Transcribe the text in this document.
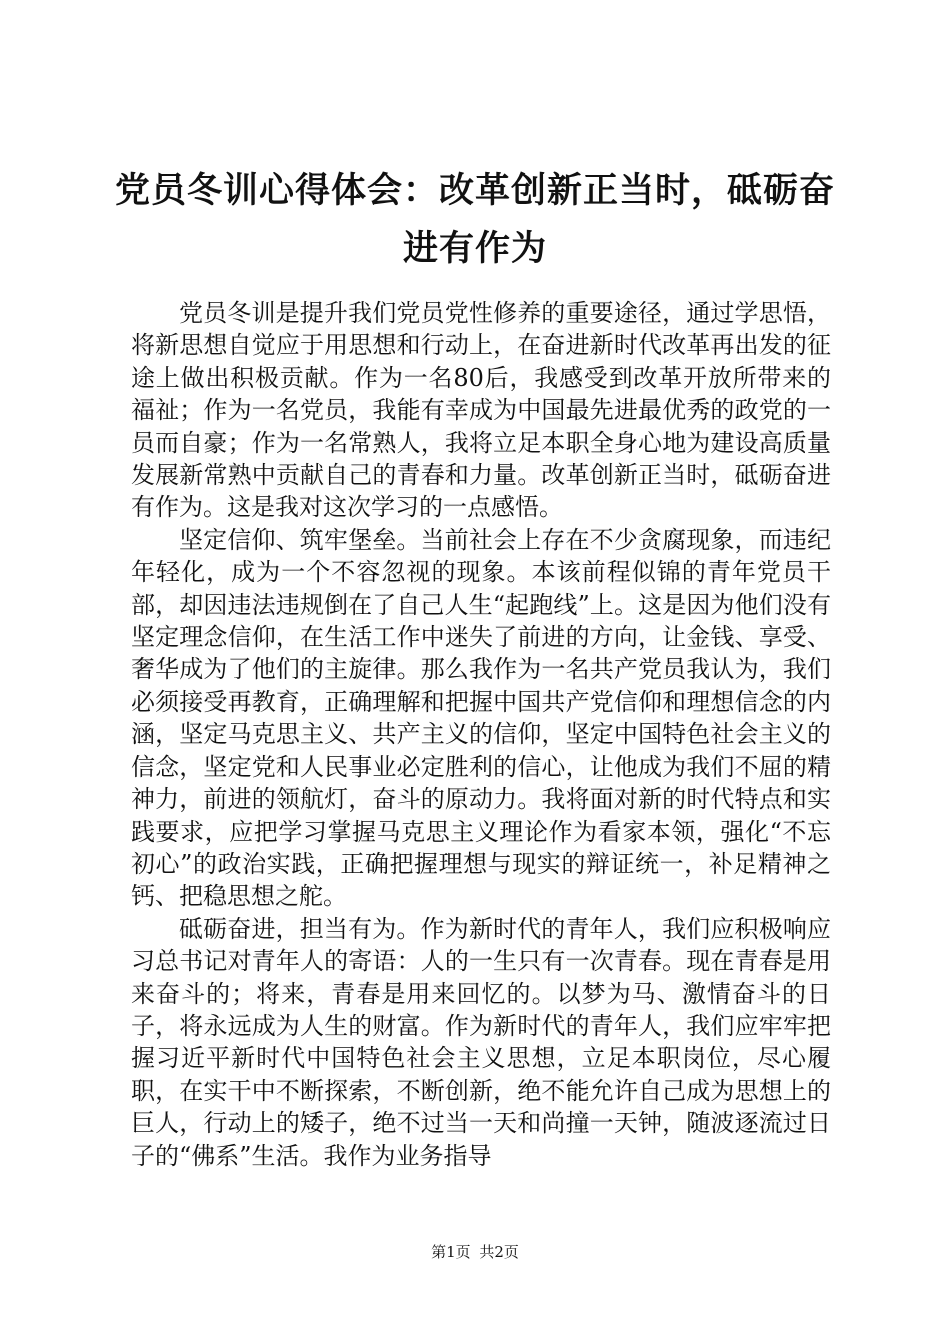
党员冬训心得体会：改革创新正当时，砥砺奋进有作为

党员冬训是提升我们党员党性修养的重要途径，通过学思悟，将新思想自觉应于用思想和行动上，在奋进新时代改革再出发的征途上做出积极贡献。作为一名80后，我感受到改革开放所带来的福祉；作为一名党员，我能有幸成为中国最先进最优秀的政党的一员而自豪；作为一名常熟人，我将立足本职全身心地为建设高质量发展新常熟中贡献自己的青春和力量。改革创新正当时，砥砺奋进有作为。这是我对这次学习的一点感悟。

坚定信仰、筑牢堡垒。当前社会上存在不少贪腐现象，而违纪年轻化，成为一个不容忽视的现象。本该前程似锦的青年党员干部，却因违法违规倒在了自己人生“起跑线”上。这是因为他们没有坚定理念信仰，在生活工作中迷失了前进的方向，让金钱、享受、奢华成为了他们的主旋律。那么我作为一名共产党员我认为，我们必须接受再教育，正确理解和把握中国共产党信仰和理想信念的内涵，坚定马克思主义、共产主义的信仰，坚定中国特色社会主义的信念，坚定党和人民事业必定胜利的信心，让他成为我们不屈的精神力，前进的领航灯，奋斗的原动力。我将面对新的时代特点和实践要求，应把学习掌握马克思主义理论作为看家本领，强化“不忘初心”的政治实践，正确把握理想与现实的辩证统一，补足精神之钙、把稳思想之舵。

砥砺奋进，担当有为。作为新时代的青年人，我们应积极响应习总书记对青年人的寄语：人的一生只有一次青春。现在青春是用来奋斗的；将来，青春是用来回忆的。以梦为马、激情奋斗的日子，将永远成为人生的财富。作为新时代的青年人，我们应牢牢把握习近平新时代中国特色社会主义思想，立足本职岗位，尽心履职，在实干中不断探索，不断创新，绝不能允许自己成为思想上的巨人，行动上的矮子，绝不过当一天和尚撞一天钟，随波逐流过日子的“佛系”生活。我作为业务指导

第1页 共2页
